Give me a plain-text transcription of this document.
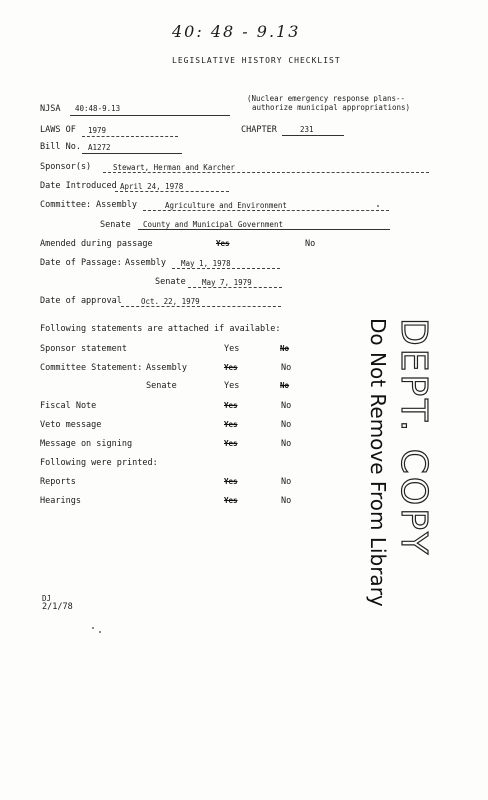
40: 48 - 9.13
LEGISLATIVE HISTORY CHECKLIST
(Nuclear emergency response plans--
authorize municipal appropriations)
NJSA 40:48-9.13
LAWS OF 1979	CHAPTER	231
Bill No. A1272
Sponsor(s)	Stewart, Herman and Karcher
Date Introduced April 24, 1978
Committee: Assembly	Agriculture and Environment
Senate County and Municipal Government
Amended during passage	Yes	No
Date of Passage: Assembly May 1, 1978
Senate May 7, 1979
Date of approval	Oct. 22, 1979
Following statements are attached if available:
Sponsor statement	Yes	No
Committee Statement: Assembly	Yes	No
Senate	Yes	No
Fiscal Note	Yes	No
Veto message	Yes	No
Message on signing	Yes	No
Following were printed:
Reports	Yes	No
Hearings	Yes	No	DEPT. COPY
Do Not Remove From Library
DJ
2/1/78
